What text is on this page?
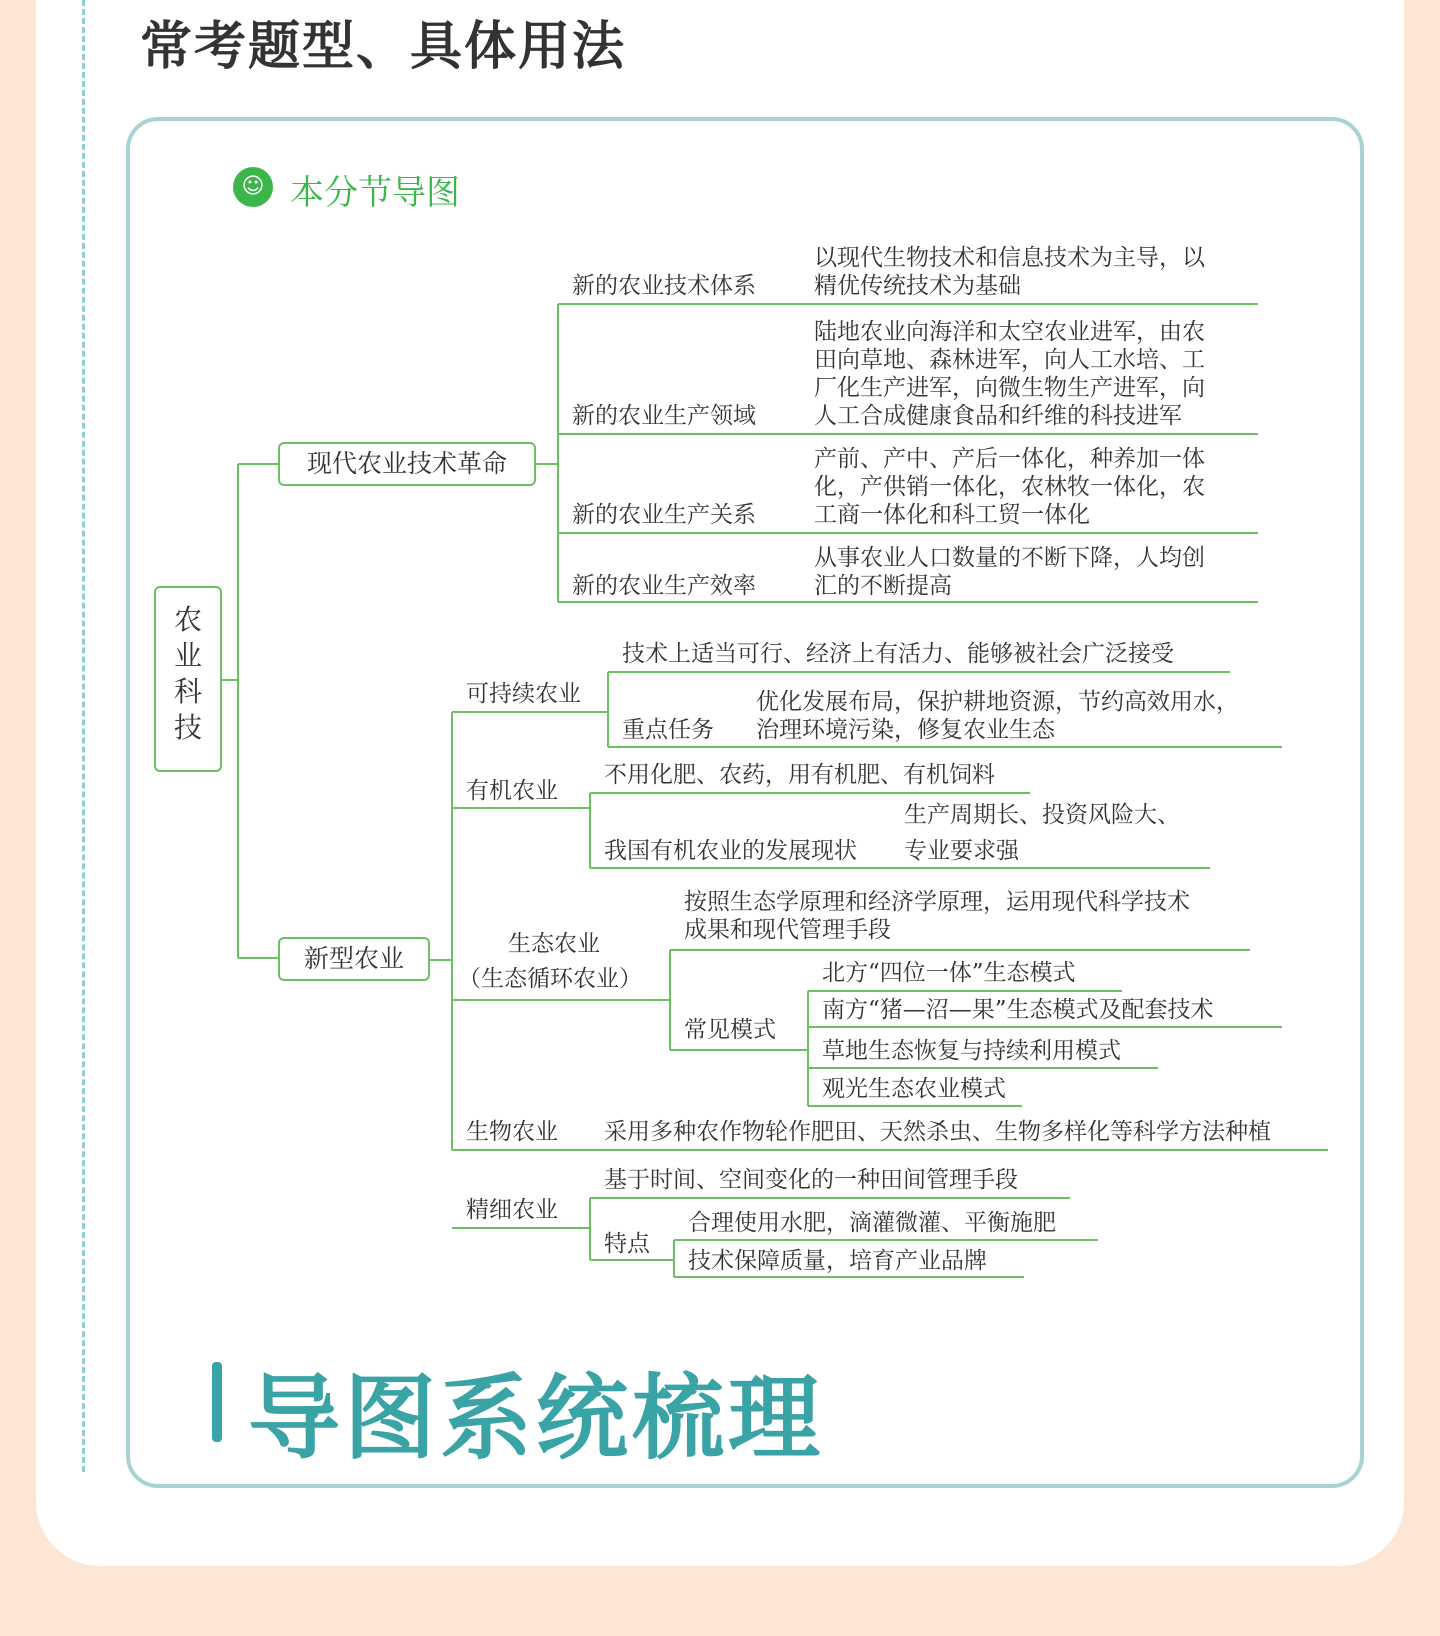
常考题型、具体用法
☺ 本分节导图
农
业
科
技
现代农业技术革命
新型农业
新的农业技术体系
以现代生物技术和信息技术为主导，以
精优传统技术为基础
新的农业生产领域
陆地农业向海洋和太空农业进军，由农
田向草地、森林进军，向人工水培、工
厂化生产进军，向微生物生产进军，向
人工合成健康食品和纤维的科技进军
新的农业生产关系
产前、产中、产后一体化，种养加一体
化，产供销一体化，农林牧一体化，农
工商一体化和科工贸一体化
新的农业生产效率
从事农业人口数量的不断下降，人均创
汇的不断提高
可持续农业
技术上适当可行、经济上有活力、能够被社会广泛接受
重点任务
优化发展布局，保护耕地资源，节约高效用水，
治理环境污染，修复农业生态
有机农业
不用化肥、农药，用有机肥、有机饲料
我国有机农业的发展现状
生产周期长、投资风险大、
专业要求强
生态农业
（生态循环农业）
按照生态学原理和经济学原理，运用现代科学技术
成果和现代管理手段
常见模式
北方“四位一体”生态模式
南方“猪—沼—果”生态模式及配套技术
草地生态恢复与持续利用模式
观光生态农业模式
生物农业 采用多种农作物轮作肥田、天然杀虫、生物多样化等科学方法种植
精细农业
基于时间、空间变化的一种田间管理手段
特点
合理使用水肥，滴灌微灌、平衡施肥
技术保障质量，培育产业品牌
导图系统梳理
